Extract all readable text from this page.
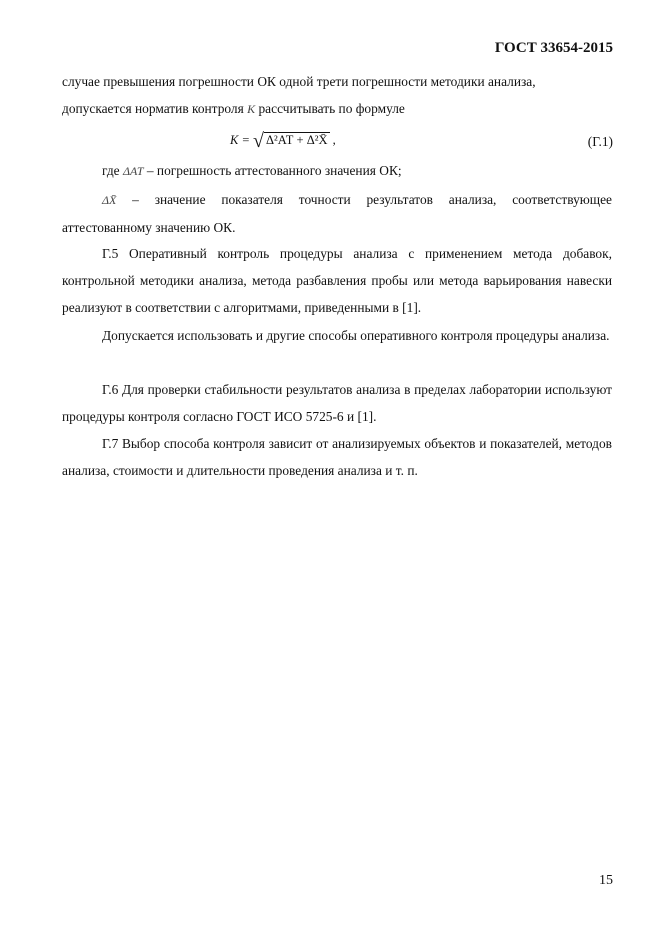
ГОСТ 33654-2015
случае превышения погрешности ОК одной трети погрешности методики анализа,
допускается норматив контроля K рассчитывать по формуле
K = √ Δ²АТ + Δ²X̄ ,	(Г.1)
где ΔАТ – погрешность аттестованного значения ОК;
ΔX̄ – значение показателя точности результатов анализа, соответствующее аттестованному значению ОК.
Г.5 Оперативный контроль процедуры анализа с применением метода добавок, контрольной методики анализа, метода разбавления пробы или метода варьирования навески реализуют в соответствии с алгоритмами, приведенными в [1].
Допускается использовать и другие способы оперативного контроля процедуры анализа.
Г.6 Для проверки стабильности результатов анализа в пределах лаборатории используют процедуры контроля согласно ГОСТ ИСО 5725-6 и [1].
Г.7 Выбор способа контроля зависит от анализируемых объектов и показателей, методов анализа, стоимости и длительности проведения анализа и т. п.
15
